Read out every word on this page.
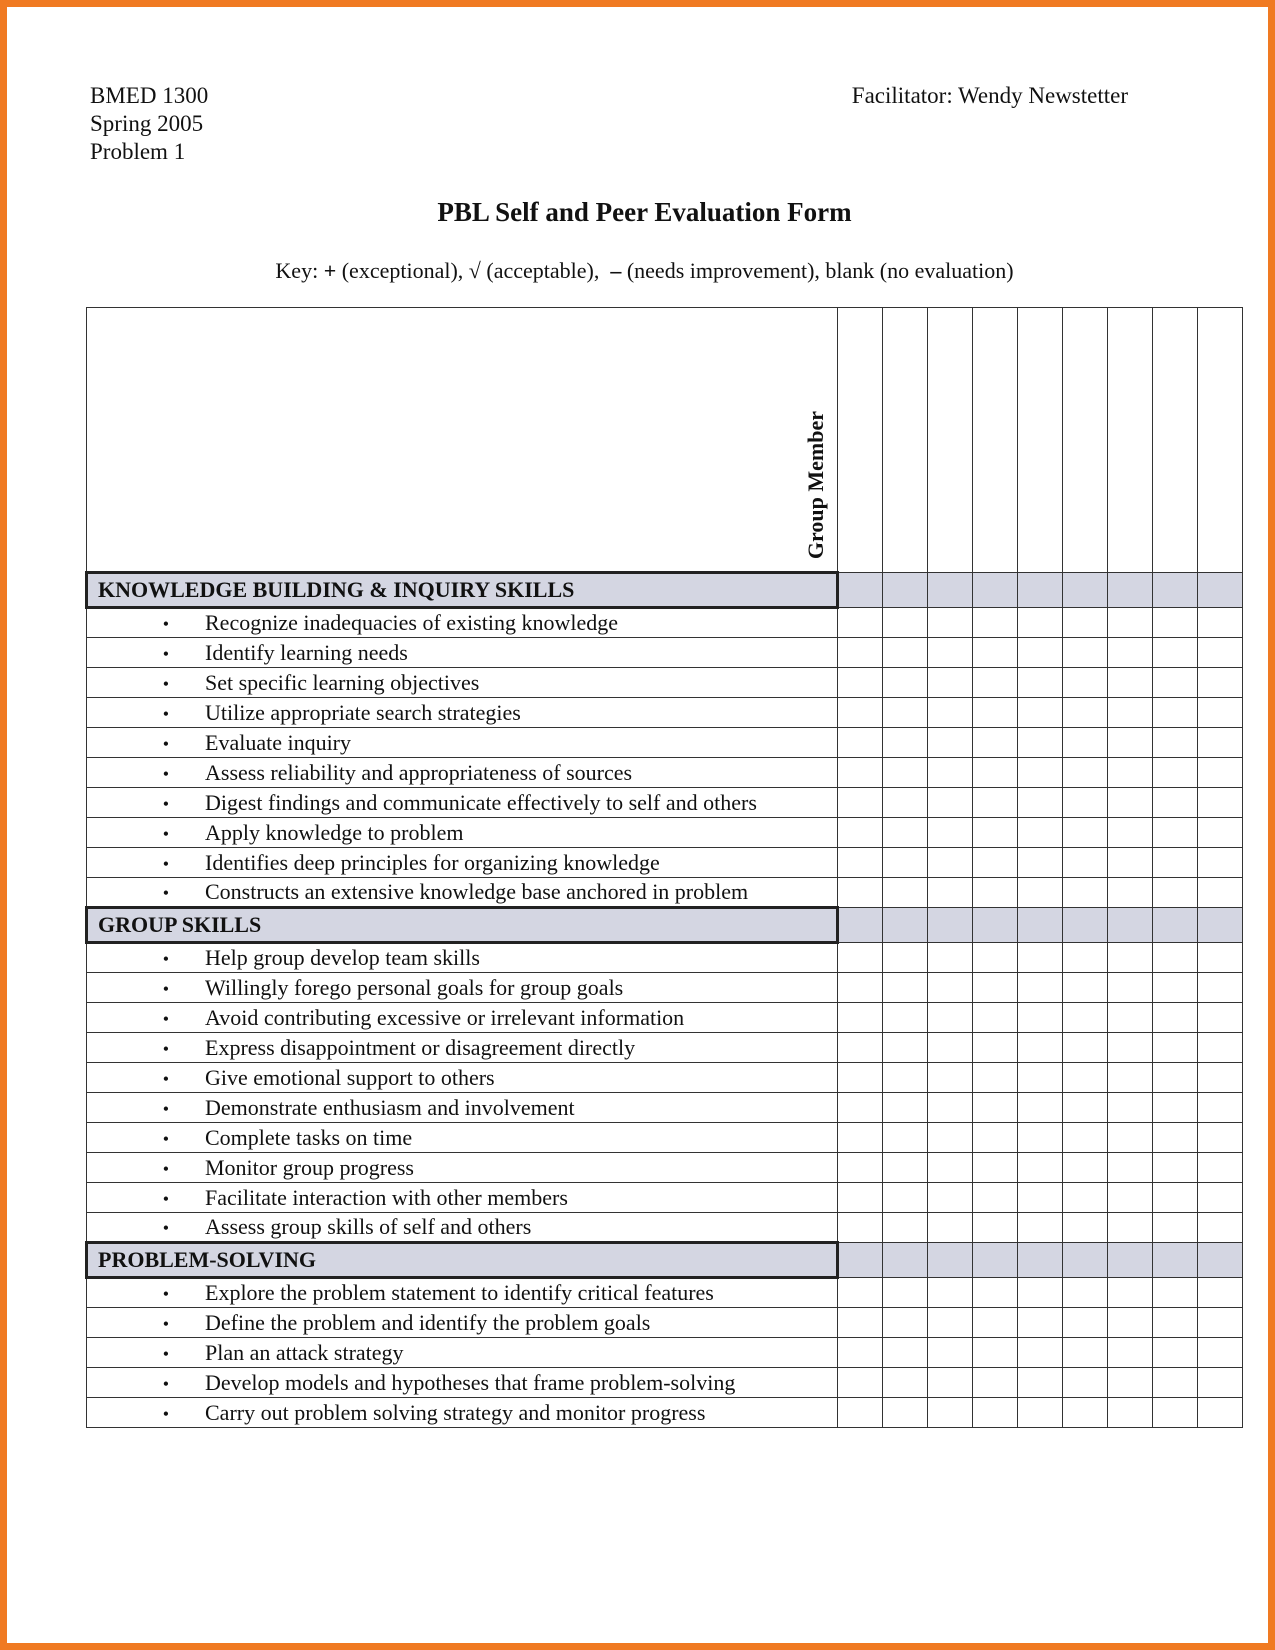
BMED 1300
Spring 2005
Problem 1
Facilitator: Wendy Newstetter
PBL Self and Peer Evaluation Form
Key: + (exceptional), √ (acceptable), – (needs improvement), blank (no evaluation)
Group Member									

KNOWLEDGE BUILDING & INQUIRY SKILLS									
• Recognize inadequacies of existing knowledge									
• Identify learning needs									
• Set specific learning objectives									
• Utilize appropriate search strategies									
• Evaluate inquiry									
• Assess reliability and appropriateness of sources									
• Digest findings and communicate effectively to self and others									
• Apply knowledge to problem									
• Identifies deep principles for organizing knowledge									
• Constructs an extensive knowledge base anchored in problem									
GROUP SKILLS									
• Help group develop team skills									
• Willingly forego personal goals for group goals									
• Avoid contributing excessive or irrelevant information									
• Express disappointment or disagreement directly									
• Give emotional support to others									
• Demonstrate enthusiasm and involvement									
• Complete tasks on time									
• Monitor group progress									
• Facilitate interaction with other members									
• Assess group skills of self and others									
PROBLEM-SOLVING									
• Explore the problem statement to identify critical features									
• Define the problem and identify the problem goals									
• Plan an attack strategy									
• Develop models and hypotheses that frame problem-solving									
• Carry out problem solving strategy and monitor progress									
